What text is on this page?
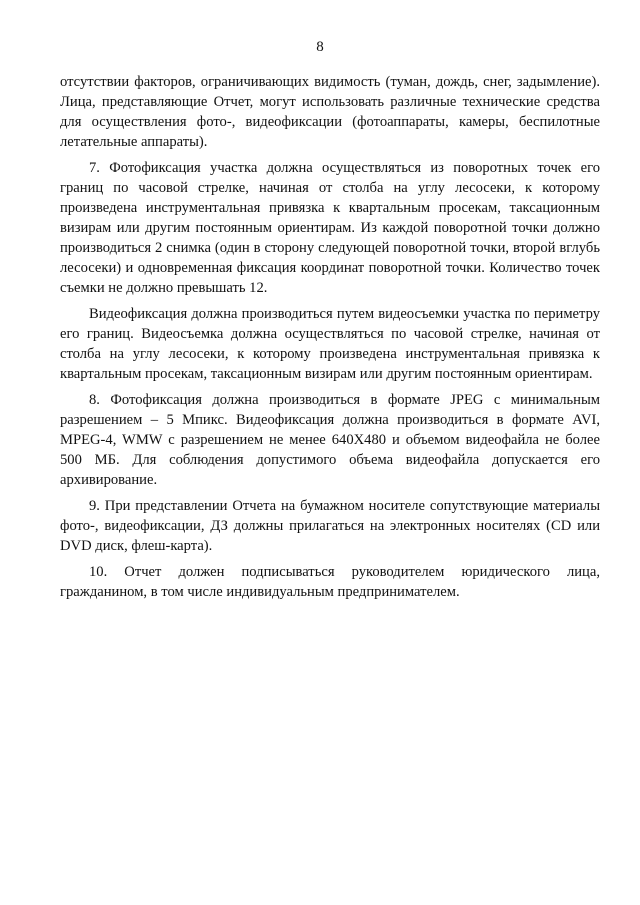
8

отсутствии факторов, ограничивающих видимость (туман, дождь, снег, задымление). Лица, представляющие Отчет, могут использовать различные технические средства для осуществления фото-, видеофиксации (фотоаппараты, камеры, беспилотные летательные аппараты).

7. Фотофиксация участка должна осуществляться из поворотных точек его границ по часовой стрелке, начиная от столба на углу лесосеки, к которому произведена инструментальная привязка к квартальным просекам, таксационным визирам или другим постоянным ориентирам. Из каждой поворотной точки должно производиться 2 снимка (один в сторону следующей поворотной точки, второй вглубь лесосеки) и одновременная фиксация координат поворотной точки. Количество точек съемки не должно превышать 12.

Видеофиксация должна производиться путем видеосъемки участка по периметру его границ. Видеосъемка должна осуществляться по часовой стрелке, начиная от столба на углу лесосеки, к которому произведена инструментальная привязка к квартальным просекам, таксационным визирам или другим постоянным ориентирам.

8. Фотофиксация должна производиться в формате JPEG с минимальным разрешением – 5 Мпикс. Видеофиксация должна производиться в формате AVI, MPEG-4, WMW с разрешением не менее 640X480 и объемом видеофайла не более 500 МБ. Для соблюдения допустимого объема видеофайла допускается его архивирование.

9. При представлении Отчета на бумажном носителе сопутствующие материалы фото-, видеофиксации, ДЗ должны прилагаться на электронных носителях (CD или DVD диск, флеш-карта).

10. Отчет должен подписываться руководителем юридического лица, гражданином, в том числе индивидуальным предпринимателем.
